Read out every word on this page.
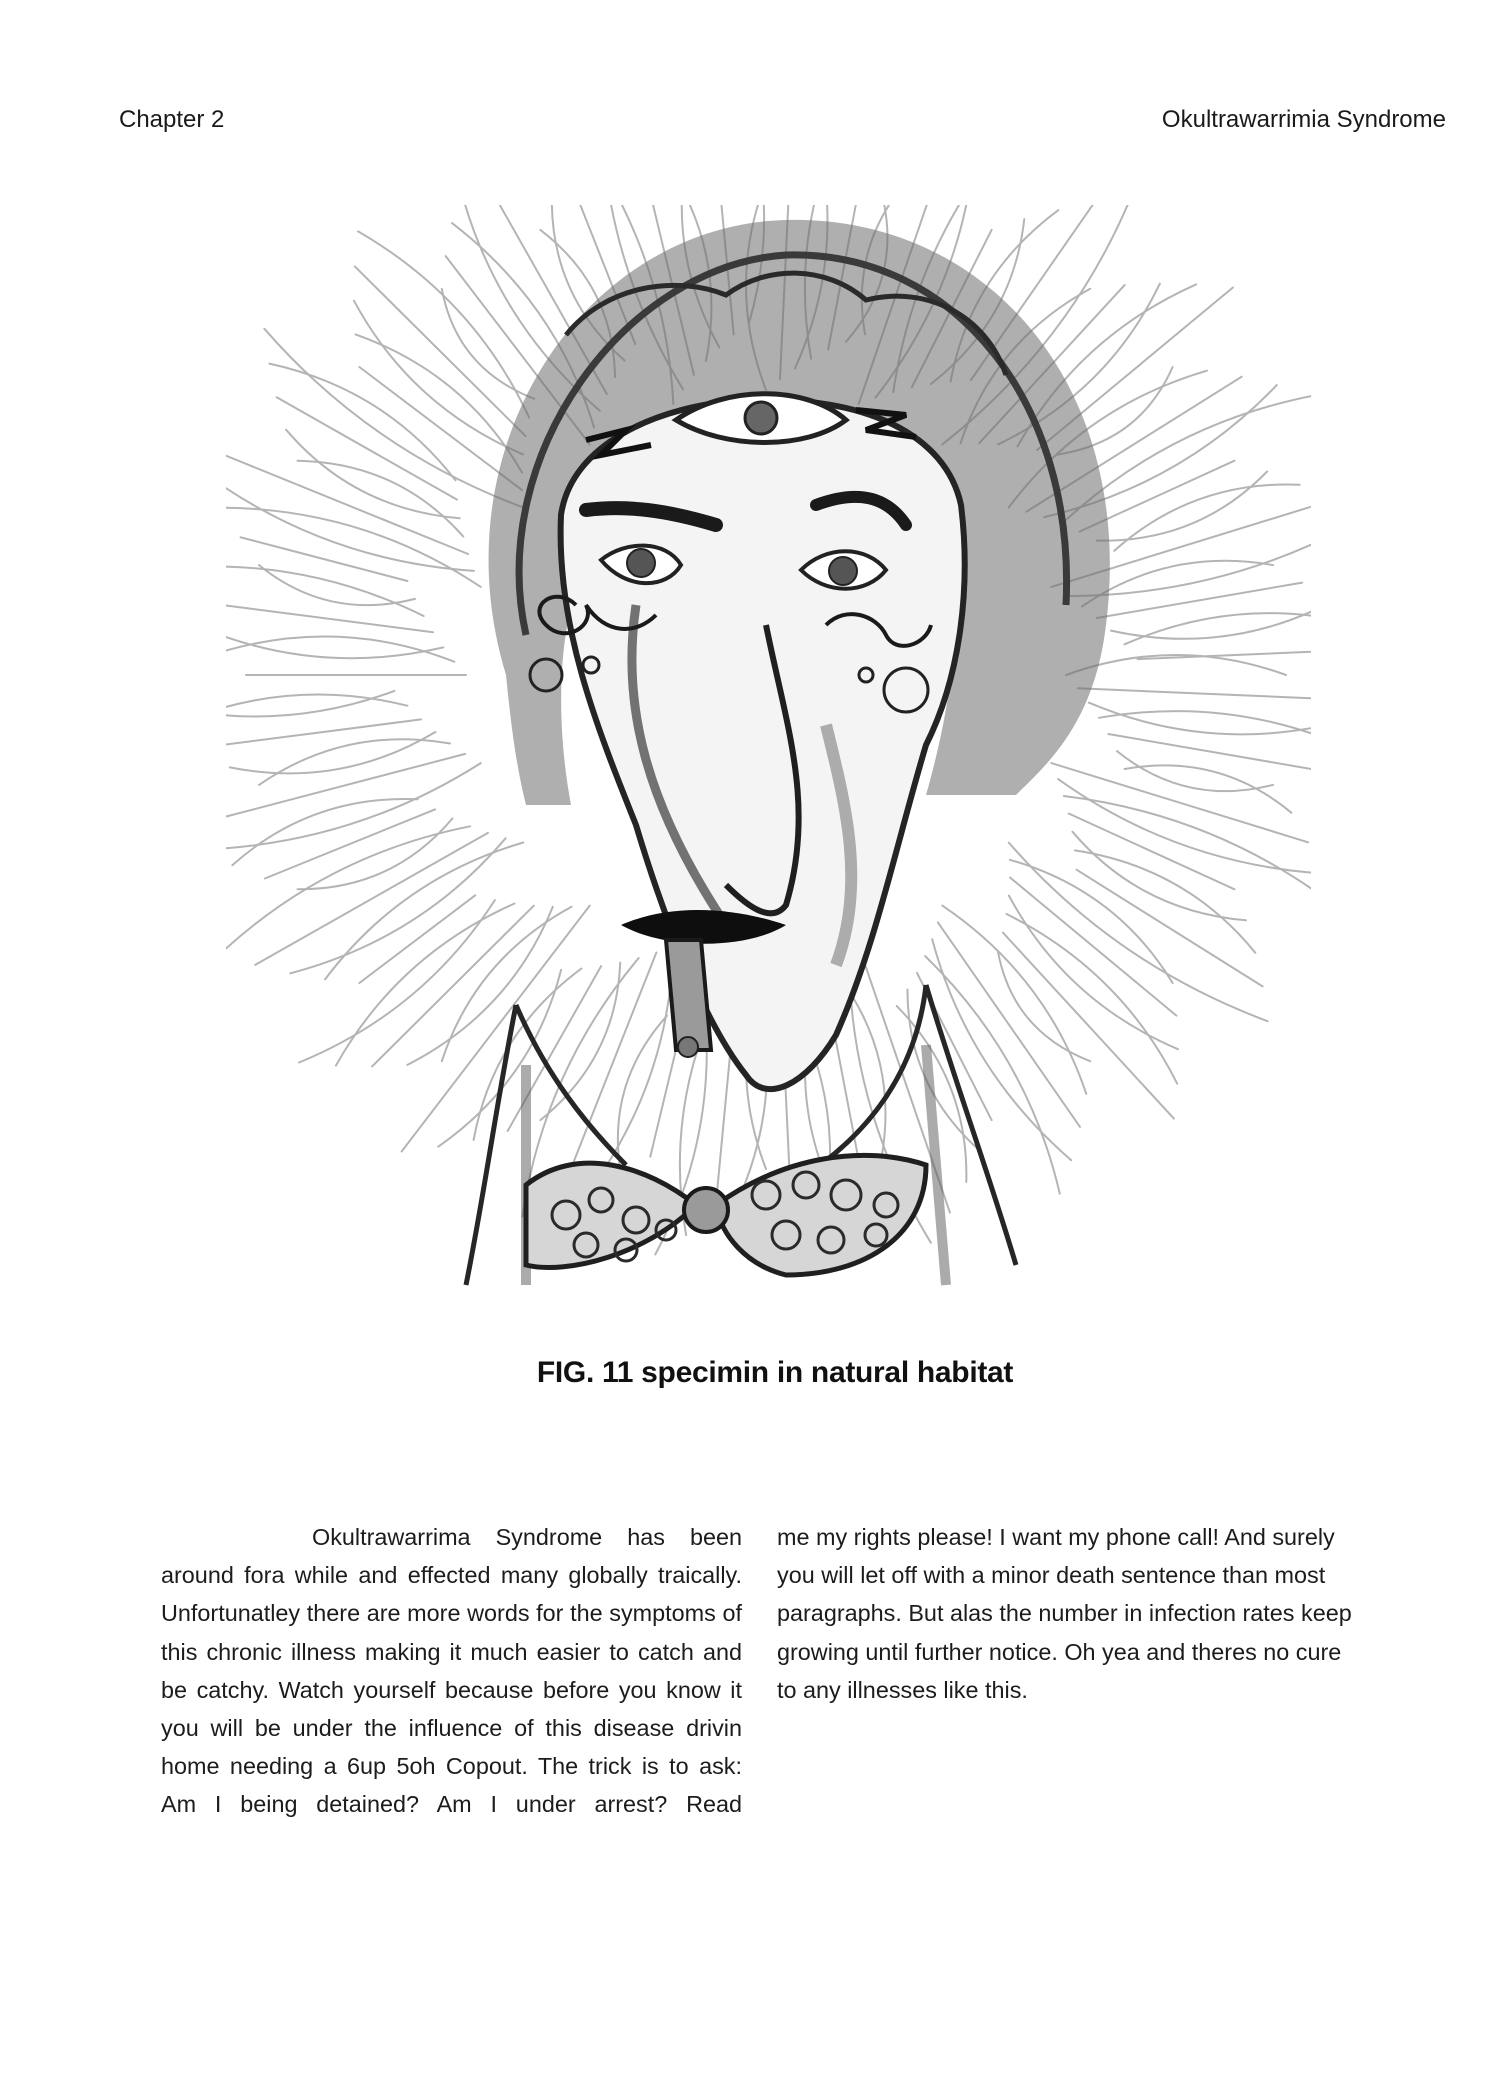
Chapter 2	Okultrawarrimia Syndrome
FIG. 11 specimin in natural habitat

Okultrawarrima Syndrome has been around fora while and effected many globally traically. Unfortunatley there are more words for the symptoms of this chronic illness making it much easier to catch and be catchy. Watch yourself because before you know it you will be under the influence of this disease drivin home needing a 6up 5oh Copout. The trick is to ask: Am I being detained? Am I under arrest? Read

me my rights please! I want my phone call! And surely you will let off with a minor death sentence than most paragraphs. But alas the number in infection rates keep growing until further notice. Oh yea and theres no cure to any illnesses like this.
